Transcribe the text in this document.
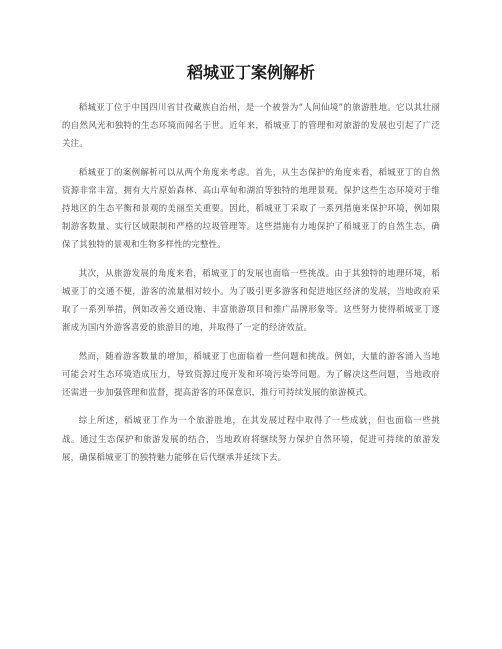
稻城亚丁案例解析

稻城亚丁位于中国四川省甘孜藏族自治州，是一个被誉为“人间仙境”的旅游胜地。它以其壮丽的自然风光和独特的生态环境而闻名于世。近年来，稻城亚丁的管理和对旅游的发展也引起了广泛关注。

稻城亚丁的案例解析可以从两个角度来考虑。首先，从生态保护的角度来看，稻城亚丁的自然资源非常丰富，拥有大片原始森林、高山草甸和湖泊等独特的地理景观。保护这些生态环境对于维持地区的生态平衡和景观的美丽至关重要。因此，稻城亚丁采取了一系列措施来保护环境，例如限制游客数量、实行区域限制和严格的垃圾管理等。这些措施有力地保护了稻城亚丁的自然生态，确保了其独特的景观和生物多样性的完整性。

其次，从旅游发展的角度来看，稻城亚丁的发展也面临一些挑战。由于其独特的地理环境，稻城亚丁的交通不便，游客的流量相对较小。为了吸引更多游客和促进地区经济的发展，当地政府采取了一系列举措，例如改善交通设施、丰富旅游项目和推广品牌形象等。这些努力使得稻城亚丁逐渐成为国内外游客喜爱的旅游目的地，并取得了一定的经济效益。

然而，随着游客数量的增加，稻城亚丁也面临着一些问题和挑战。例如，大量的游客涌入当地可能会对生态环境造成压力，导致资源过度开发和环境污染等问题。为了解决这些问题，当地政府还需进一步加强管理和监督，提高游客的环保意识，推行可持续发展的旅游模式。

综上所述，稻城亚丁作为一个旅游胜地，在其发展过程中取得了一些成就，但也面临一些挑战。通过生态保护和旅游发展的结合，当地政府将继续努力保护自然环境，促进可持续的旅游发展，确保稻城亚丁的独特魅力能够在后代继承并延续下去。
